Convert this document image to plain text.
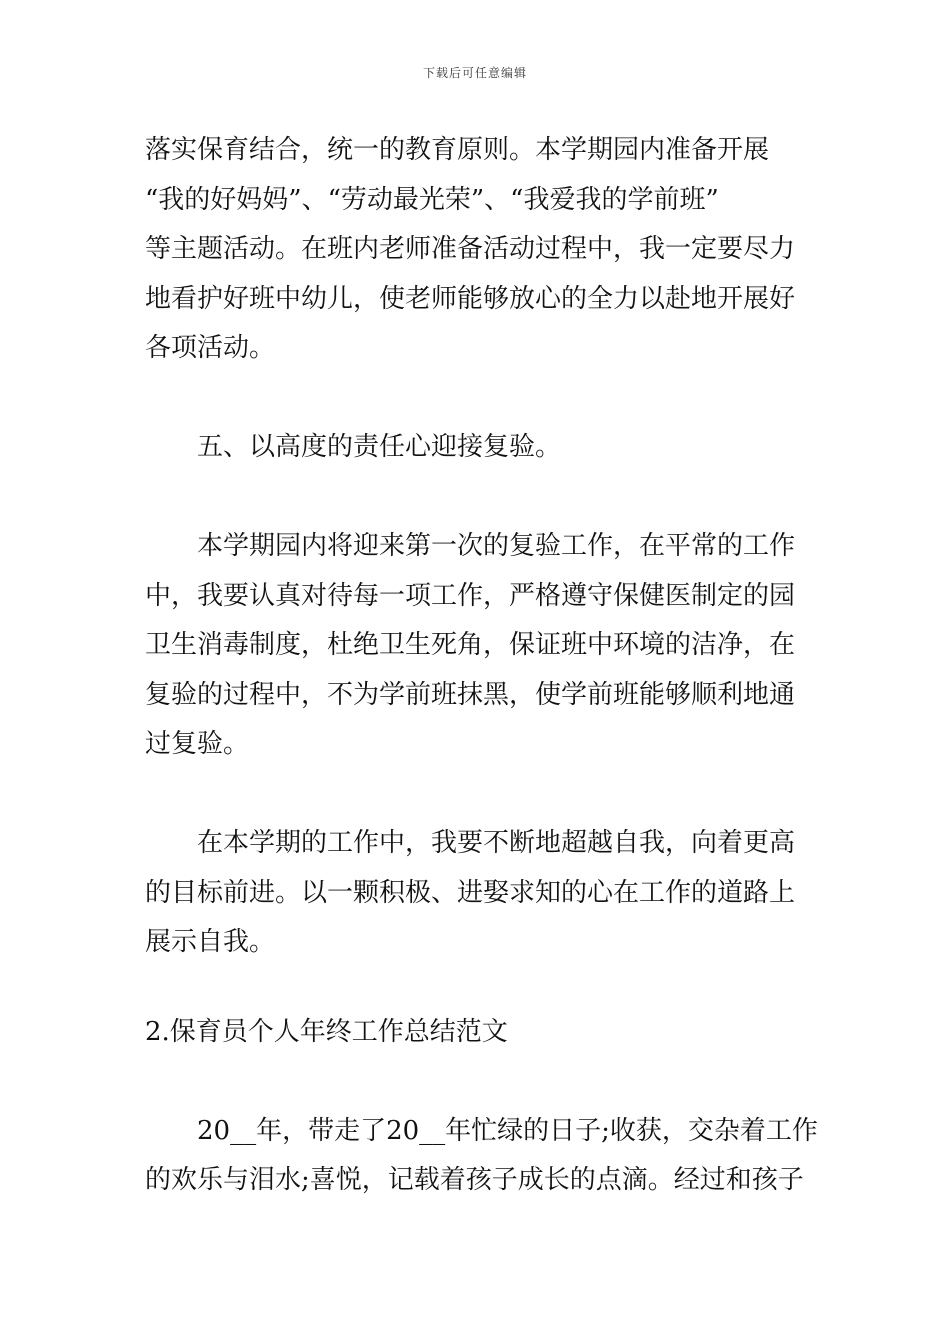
下载后可任意编辑
落实保育结合，统一的教育原则。本学期园内准备开展
“我的好妈妈”、“劳动最光荣”、“我爱我的学前班”
等主题活动。在班内老师准备活动过程中，我一定要尽力
地看护好班中幼儿，使老师能够放心的全力以赴地开展好
各项活动。
五、以高度的责任心迎接复验。
本学期园内将迎来第一次的复验工作，在平常的工作
中，我要认真对待每一项工作，严格遵守保健医制定的园
卫生消毒制度，杜绝卫生死角，保证班中环境的洁净，在
复验的过程中，不为学前班抹黑，使学前班能够顺利地通
过复验。
在本学期的工作中，我要不断地超越自我，向着更高
的目标前进。以一颗积极、进娶求知的心在工作的道路上
展示自我。
2.保育员个人年终工作总结范文
20__年，带走了20__年忙绿的日子;收获，交杂着工作
的欢乐与泪水;喜悦，记载着孩子成长的点滴。经过和孩子
